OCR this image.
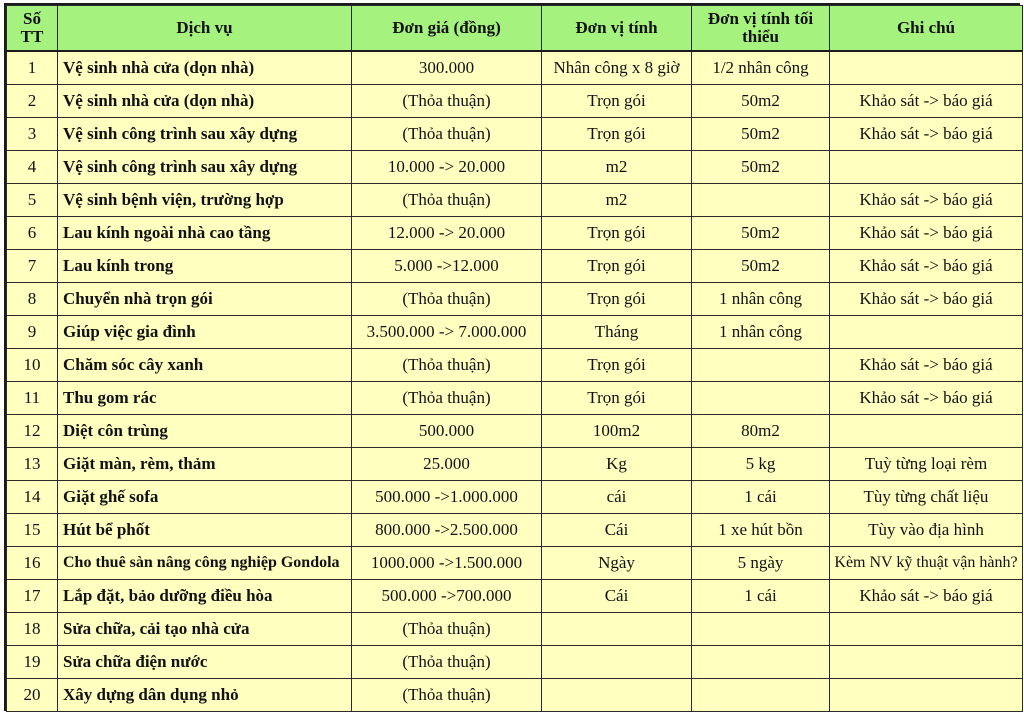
Số TT	Dịch vụ	Đơn giá (đồng)	Đơn vị tính	Đơn vị tính tối thiểu	Ghi chú
1	Vệ sinh nhà cửa (dọn nhà)	300.000	Nhân công x 8 giờ	1/2 nhân công	
2	Vệ sinh nhà cửa (dọn nhà)	(Thỏa thuận)	Trọn gói	50m2	Khảo sát -> báo giá
3	Vệ sinh công trình sau xây dựng	(Thỏa thuận)	Trọn gói	50m2	Khảo sát -> báo giá
4	Vệ sinh công trình sau xây dựng	10.000 -> 20.000	m2	50m2	
5	Vệ sinh bệnh viện, trường hợp	(Thỏa thuận)	m2		Khảo sát -> báo giá
6	Lau kính ngoài nhà cao tầng	12.000 -> 20.000	Trọn gói	50m2	Khảo sát -> báo giá
7	Lau kính trong	5.000 ->12.000	Trọn gói	50m2	Khảo sát -> báo giá
8	Chuyển nhà trọn gói	(Thỏa thuận)	Trọn gói	1 nhân công	Khảo sát -> báo giá
9	Giúp việc gia đình	3.500.000 -> 7.000.000	Tháng	1 nhân công	
10	Chăm sóc cây xanh	(Thỏa thuận)	Trọn gói		Khảo sát -> báo giá
11	Thu gom rác	(Thỏa thuận)	Trọn gói		Khảo sát -> báo giá
12	Diệt côn trùng	500.000	100m2	80m2	
13	Giặt màn, rèm, thảm	25.000	Kg	5 kg	Tuỳ từng loại rèm
14	Giặt ghế sofa	500.000 ->1.000.000	cái	1 cái	Tùy từng chất liệu
15	Hút bể phốt	800.000 ->2.500.000	Cái	1 xe hút bồn	Tùy vào địa hình
16	Cho thuê sàn nâng công nghiệp Gondola	1000.000 ->1.500.000	Ngày	5 ngày	Kèm NV kỹ thuật vận hành?
17	Lắp đặt, bảo dưỡng điều hòa	500.000 ->700.000	Cái	1 cái	Khảo sát -> báo giá
18	Sửa chữa, cải tạo nhà cửa	(Thỏa thuận)			
19	Sửa chữa điện nước	(Thỏa thuận)			
20	Xây dựng dân dụng nhỏ	(Thỏa thuận)			
